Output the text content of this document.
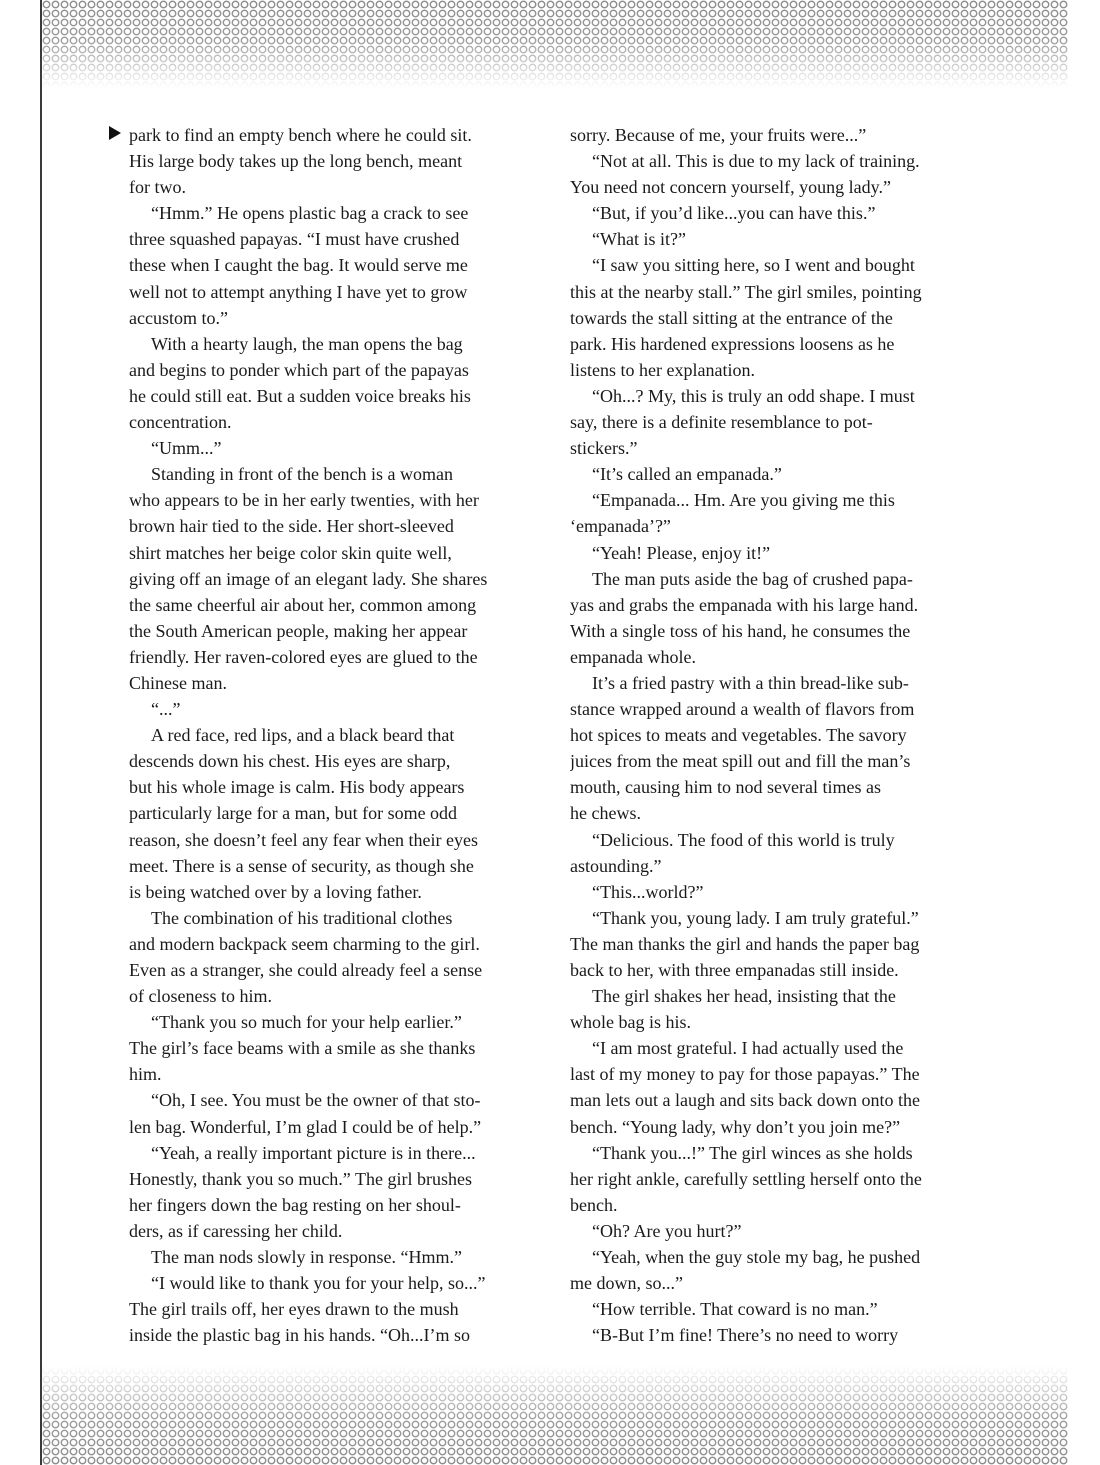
park to find an empty bench where he could sit.
His large body takes up the long bench, meant
for two.
“Hmm.” He opens plastic bag a crack to see
three squashed papayas. “I must have crushed
these when I caught the bag. It would serve me
well not to attempt anything I have yet to grow
accustom to.”
With a hearty laugh, the man opens the bag
and begins to ponder which part of the papayas
he could still eat. But a sudden voice breaks his
concentration.
“Umm...”
Standing in front of the bench is a woman
who appears to be in her early twenties, with her
brown hair tied to the side. Her short-sleeved
shirt matches her beige color skin quite well,
giving off an image of an elegant lady. She shares
the same cheerful air about her, common among
the South American people, making her appear
friendly. Her raven-colored eyes are glued to the
Chinese man.
“...”
A red face, red lips, and a black beard that
descends down his chest. His eyes are sharp,
but his whole image is calm. His body appears
particularly large for a man, but for some odd
reason, she doesn’t feel any fear when their eyes
meet. There is a sense of security, as though she
is being watched over by a loving father.
The combination of his traditional clothes
and modern backpack seem charming to the girl.
Even as a stranger, she could already feel a sense
of closeness to him.
“Thank you so much for your help earlier.”
The girl’s face beams with a smile as she thanks
him.
“Oh, I see. You must be the owner of that sto-
len bag. Wonderful, I’m glad I could be of help.”
“Yeah, a really important picture is in there...
Honestly, thank you so much.” The girl brushes
her fingers down the bag resting on her shoul-
ders, as if caressing her child.
The man nods slowly in response. “Hmm.”
“I would like to thank you for your help, so...”
The girl trails off, her eyes drawn to the mush
inside the plastic bag in his hands. “Oh...I’m so
sorry. Because of me, your fruits were...”
“Not at all. This is due to my lack of training.
You need not concern yourself, young lady.”
“But, if you’d like...you can have this.”
“What is it?”
“I saw you sitting here, so I went and bought
this at the nearby stall.” The girl smiles, pointing
towards the stall sitting at the entrance of the
park. His hardened expressions loosens as he
listens to her explanation.
“Oh...? My, this is truly an odd shape. I must
say, there is a definite resemblance to pot-
stickers.”
“It’s called an empanada.”
“Empanada... Hm. Are you giving me this
‘empanada’?”
“Yeah! Please, enjoy it!”
The man puts aside the bag of crushed papa-
yas and grabs the empanada with his large hand.
With a single toss of his hand, he consumes the
empanada whole.
It’s a fried pastry with a thin bread-like sub-
stance wrapped around a wealth of flavors from
hot spices to meats and vegetables. The savory
juices from the meat spill out and fill the man’s
mouth, causing him to nod several times as
he chews.
“Delicious. The food of this world is truly
astounding.”
“This...world?”
“Thank you, young lady. I am truly grateful.”
The man thanks the girl and hands the paper bag
back to her, with three empanadas still inside.
The girl shakes her head, insisting that the
whole bag is his.
“I am most grateful. I had actually used the
last of my money to pay for those papayas.” The
man lets out a laugh and sits back down onto the
bench. “Young lady, why don’t you join me?”
“Thank you...!” The girl winces as she holds
her right ankle, carefully settling herself onto the
bench.
“Oh? Are you hurt?”
“Yeah, when the guy stole my bag, he pushed
me down, so...”
“How terrible. That coward is no man.”
“B-But I’m fine! There’s no need to worry
